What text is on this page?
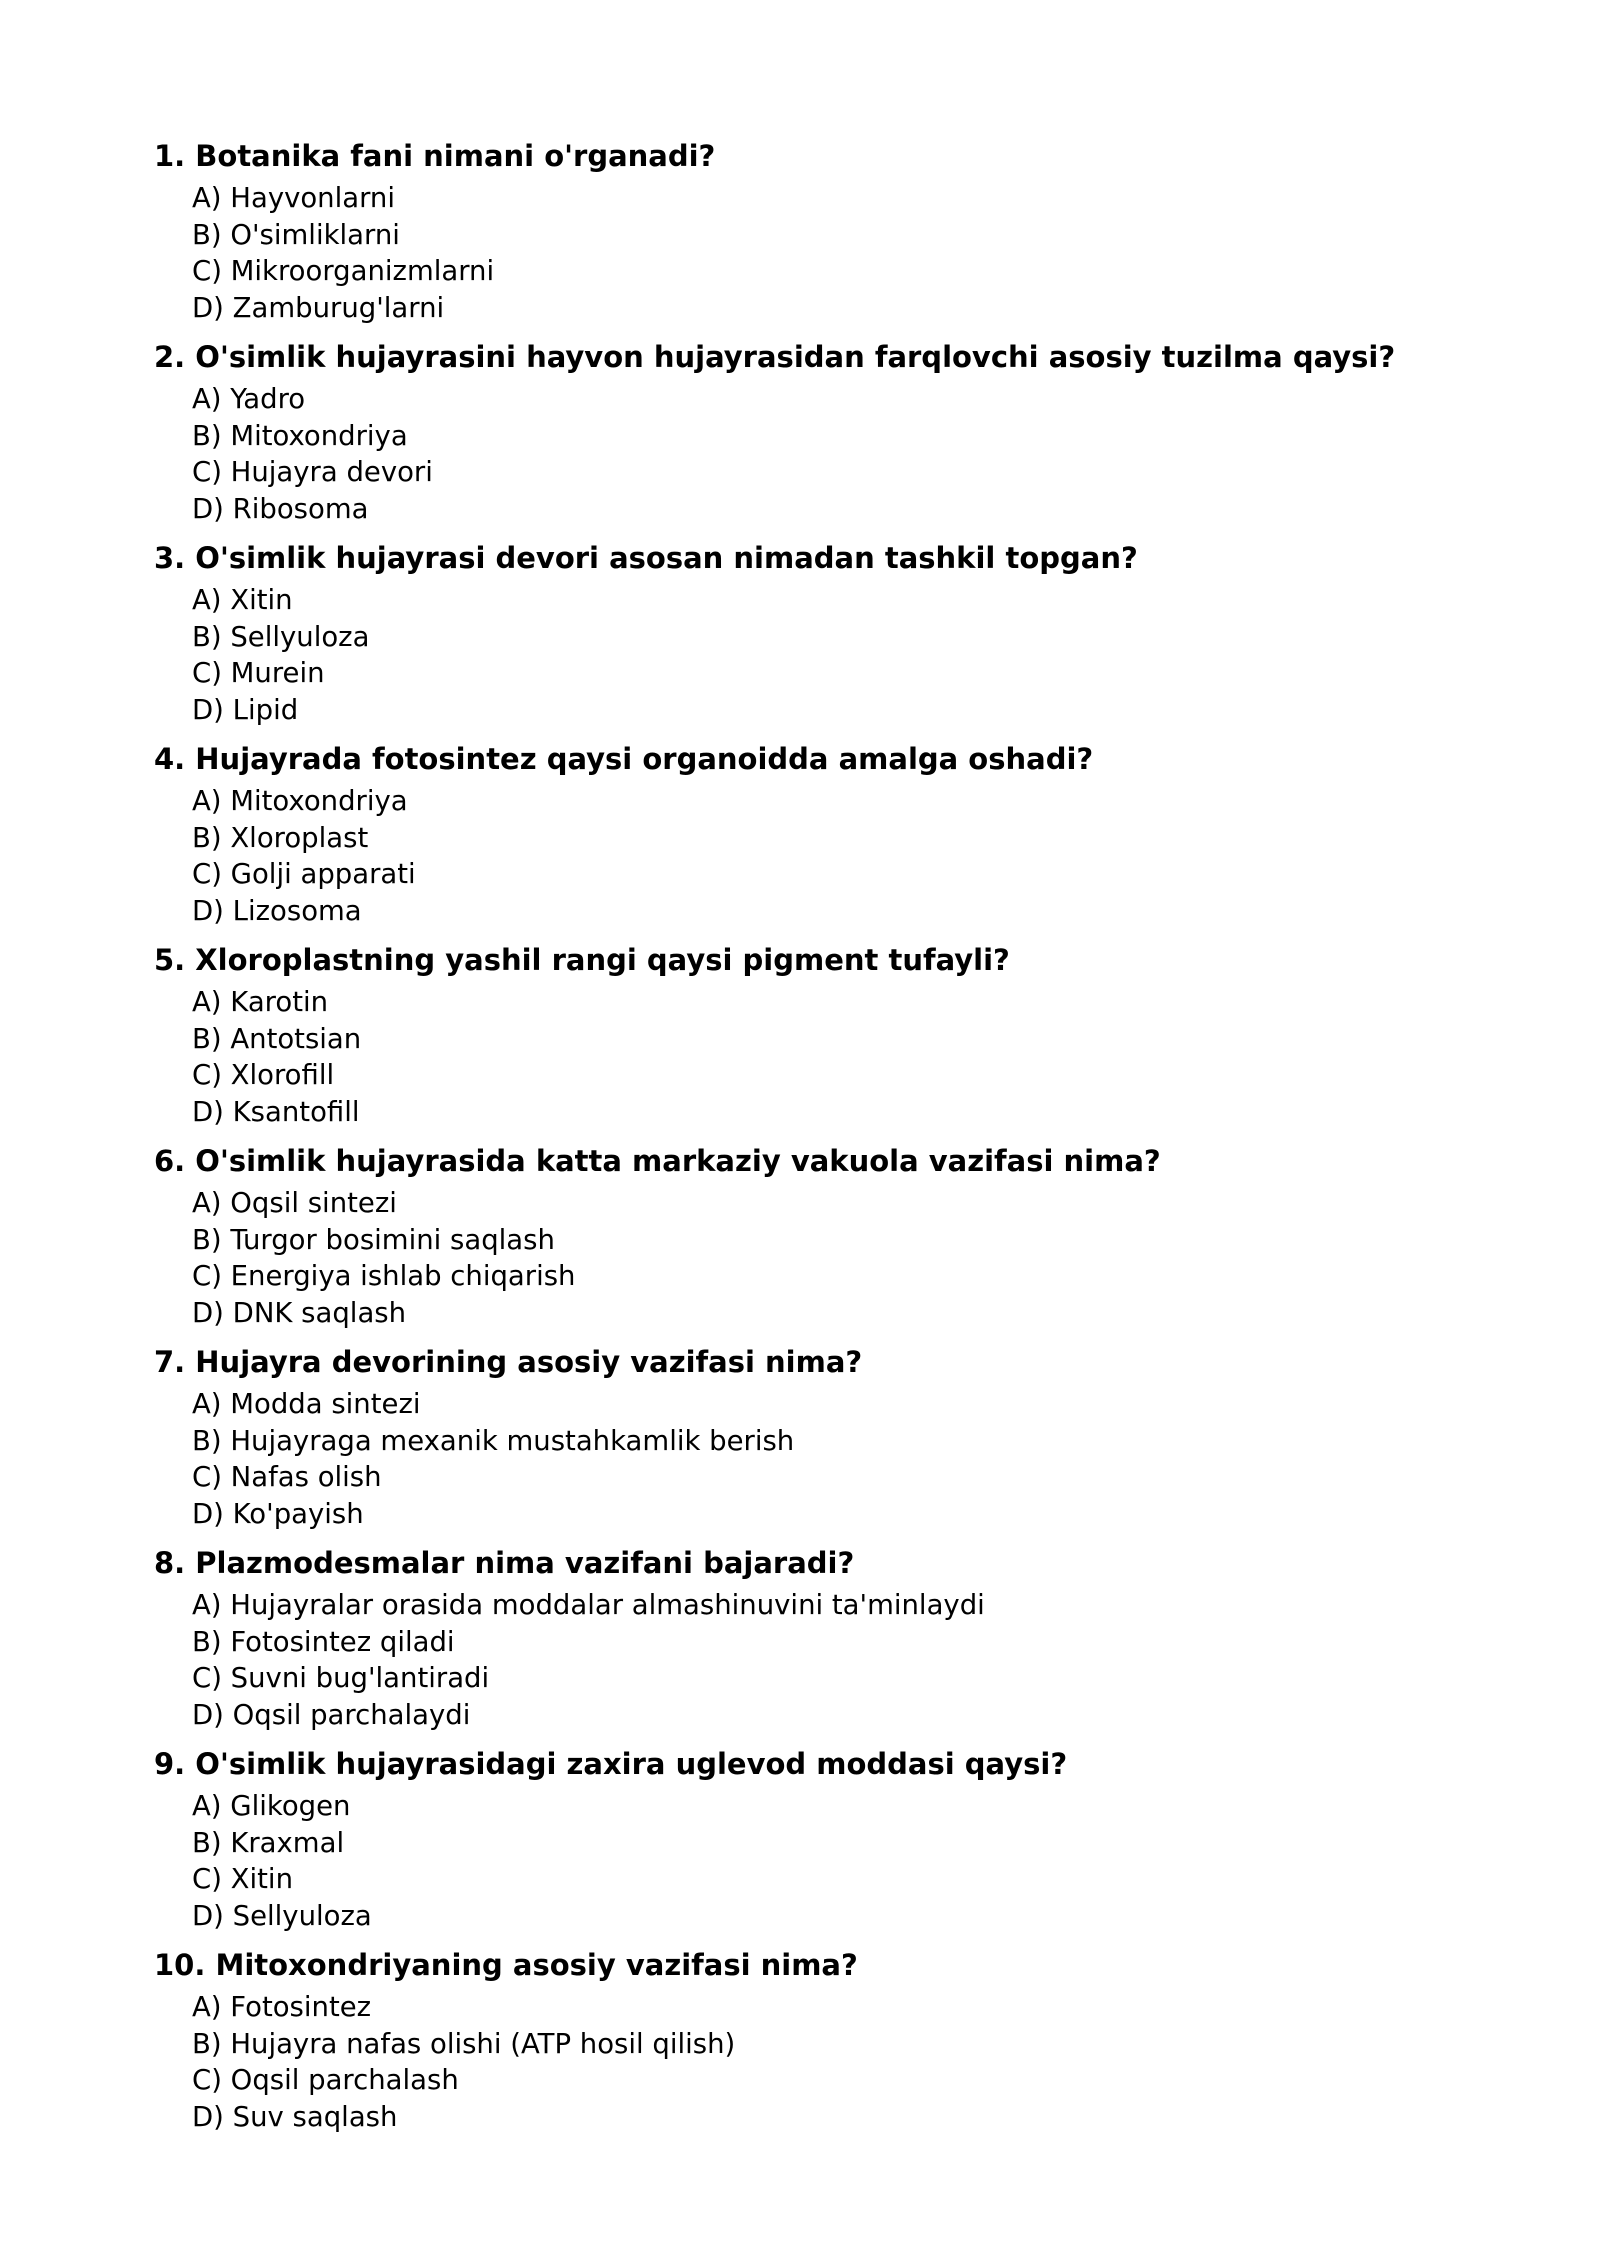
1. Botanika fani nimani o'rganadi?
A) Hayvonlarni
B) O'simliklarni
C) Mikroorganizmlarni
D) Zamburug'larni
2. O'simlik hujayrasini hayvon hujayrasidan farqlovchi asosiy tuzilma qaysi?
A) Yadro
B) Mitoxondriya
C) Hujayra devori
D) Ribosoma
3. O'simlik hujayrasi devori asosan nimadan tashkil topgan?
A) Xitin
B) Sellyuloza
C) Murein
D) Lipid
4. Hujayrada fotosintez qaysi organoidda amalga oshadi?
A) Mitoxondriya
B) Xloroplast
C) Golji apparati
D) Lizosoma
5. Xloroplastning yashil rangi qaysi pigment tufayli?
A) Karotin
B) Antotsian
C) Xlorofill
D) Ksantofill
6. O'simlik hujayrasida katta markaziy vakuola vazifasi nima?
A) Oqsil sintezi
B) Turgor bosimini saqlash
C) Energiya ishlab chiqarish
D) DNK saqlash
7. Hujayra devorining asosiy vazifasi nima?
A) Modda sintezi
B) Hujayraga mexanik mustahkamlik berish
C) Nafas olish
D) Ko'payish
8. Plazmodesmalar nima vazifani bajaradi?
A) Hujayralar orasida moddalar almashinuvini ta'minlaydi
B) Fotosintez qiladi
C) Suvni bug'lantiradi
D) Oqsil parchalaydi
9. O'simlik hujayrasidagi zaxira uglevod moddasi qaysi?
A) Glikogen
B) Kraxmal
C) Xitin
D) Sellyuloza
10. Mitoxondriyaning asosiy vazifasi nima?
A) Fotosintez
B) Hujayra nafas olishi (ATP hosil qilish)
C) Oqsil parchalash
D) Suv saqlash
